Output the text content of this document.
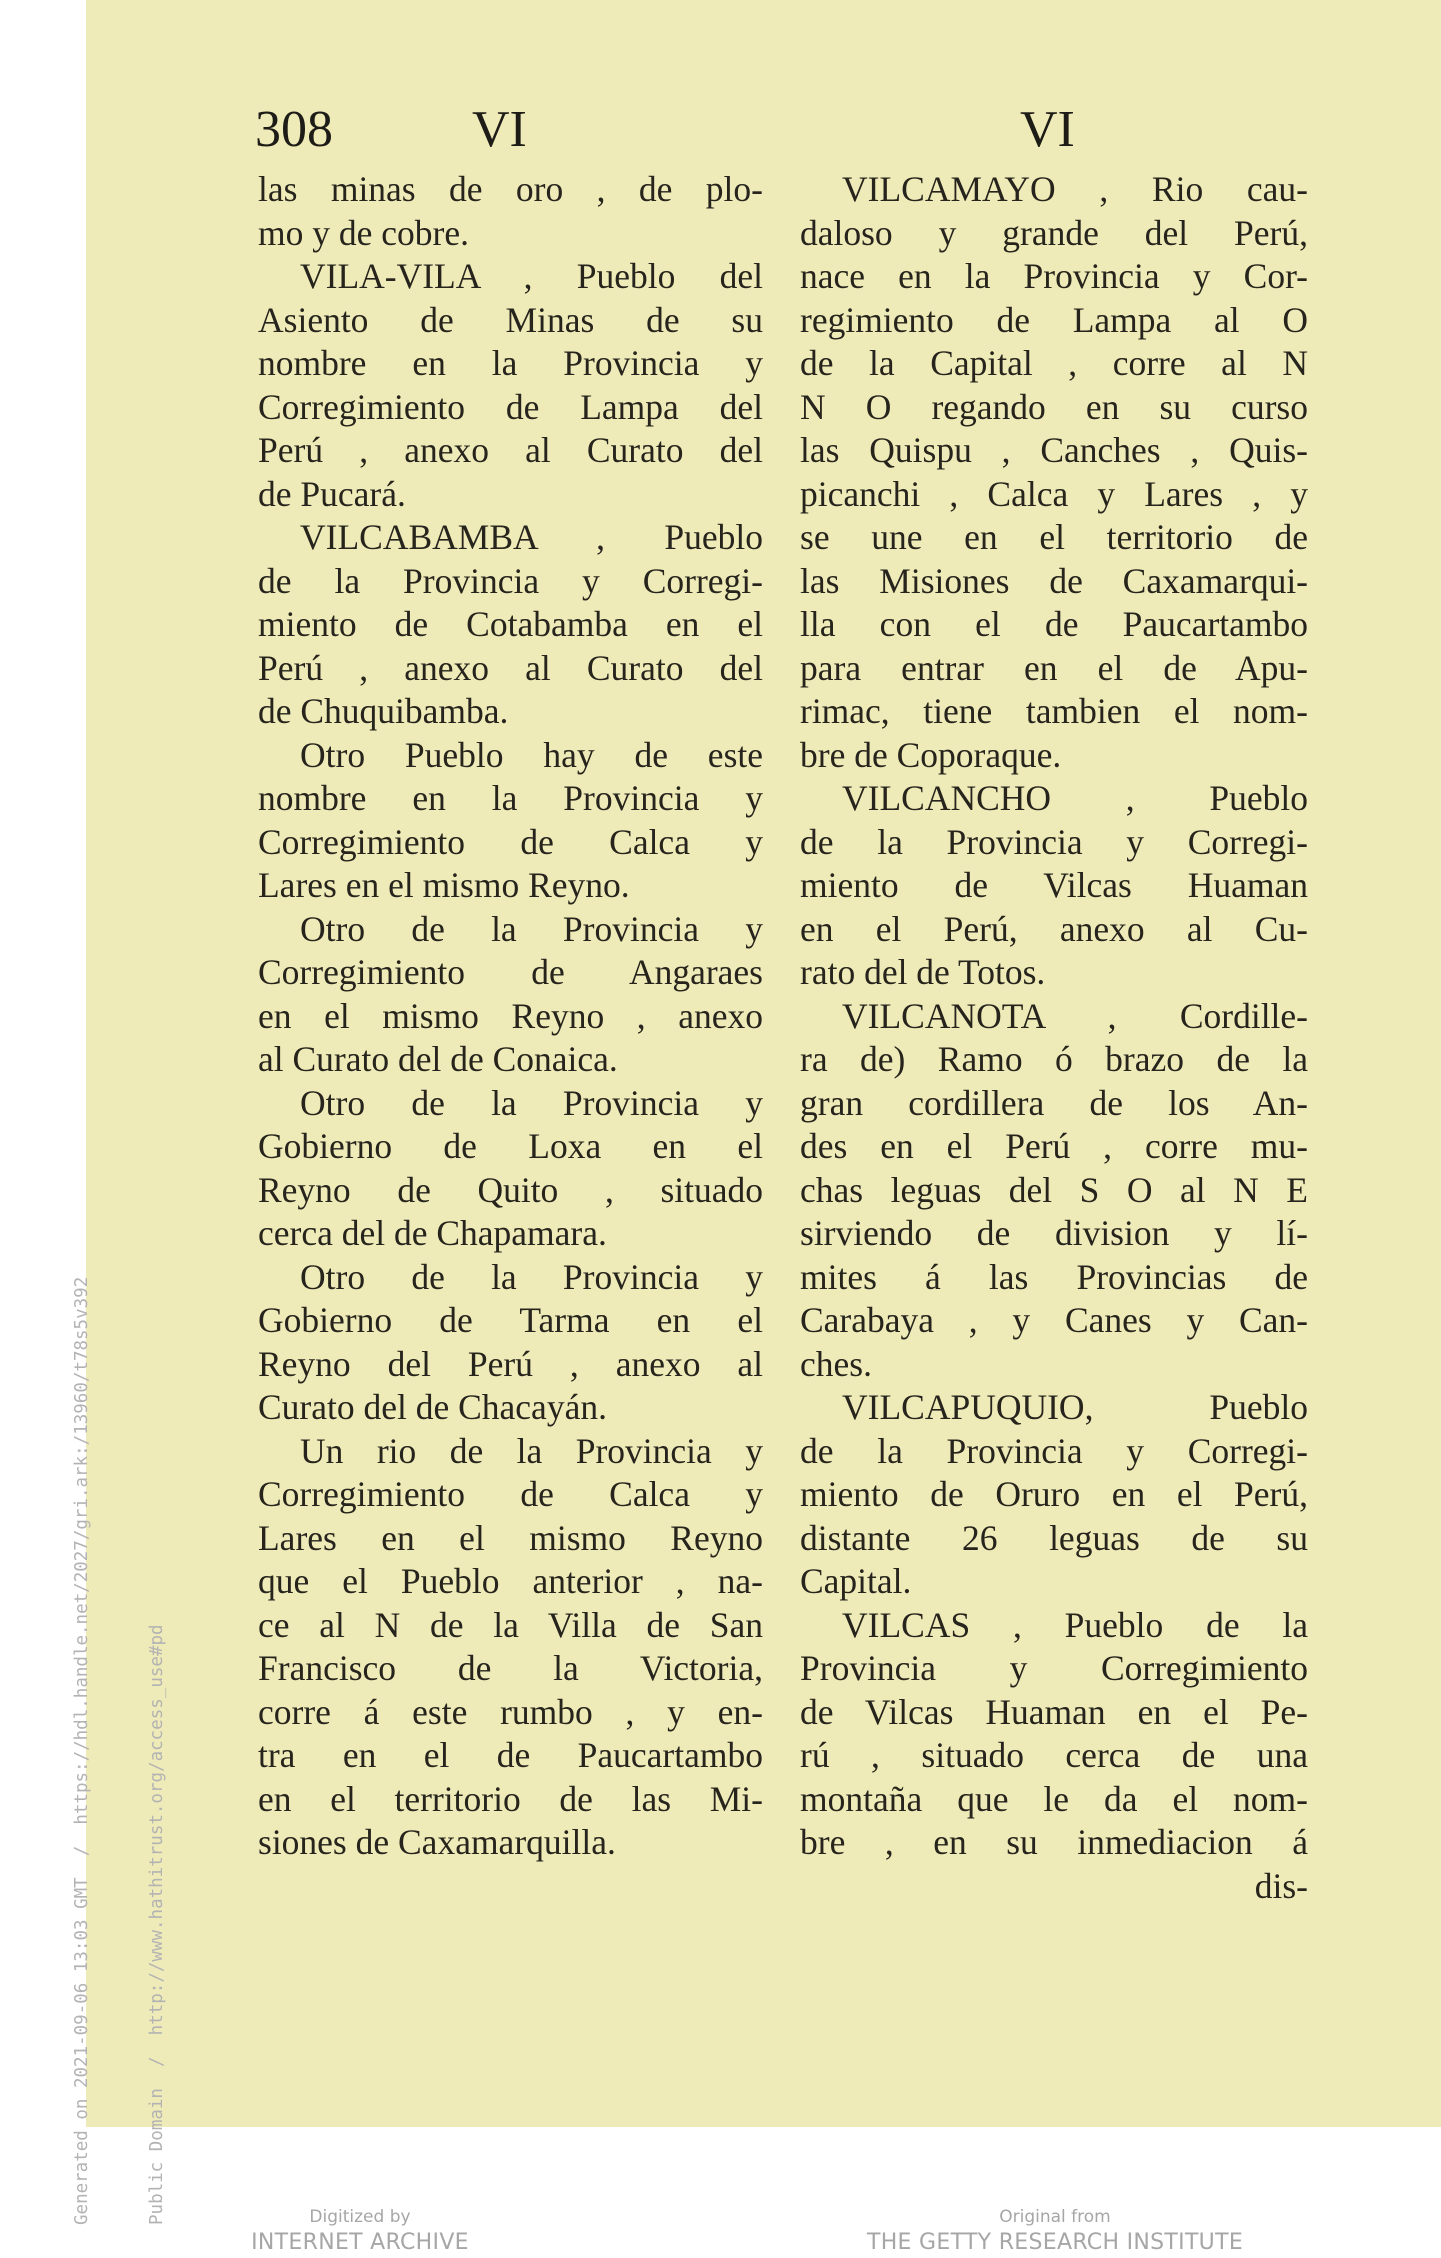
308	VI	VI
las minas de oro , de plo-
mo y de cobre.
VILA-VILA , Pueblo del
Asiento de Minas de su
nombre en la Provincia y
Corregimiento de Lampa del
Perú , anexo al Curato del
de Pucará.
VILCABAMBA , Pueblo
de la Provincia y Corregi-
miento de Cotabamba en el
Perú , anexo al Curato del
de Chuquibamba.
Otro Pueblo hay de este
nombre en la Provincia y
Corregimiento de Calca y
Lares en el mismo Reyno.
Otro de la Provincia y
Corregimiento de Angaraes
en el mismo Reyno , anexo
al Curato del de Conaica.
Otro de la Provincia y
Gobierno de Loxa en el
Reyno de Quito , situado
cerca del de Chapamara.
Otro de la Provincia y
Gobierno de Tarma en el
Reyno del Perú , anexo al
Curato del de Chacayán.
Un rio de la Provincia y
Corregimiento de Calca y
Lares en el mismo Reyno
que el Pueblo anterior , na-
ce al N de la Villa de San
Francisco de la Victoria,
corre á este rumbo , y en-
tra en el de Paucartambo
en el territorio de las Mi-
siones de Caxamarquilla.
VILCAMAYO , Rio cau-
daloso y grande del Perú,
nace en la Provincia y Cor-
regimiento de Lampa al O
de la Capital , corre al N
N O regando en su curso
las Quispu , Canches , Quis-
picanchi , Calca y Lares , y
se une en el territorio de
las Misiones de Caxamarqui-
lla con el de Paucartambo
para entrar en el de Apu-
rimac, tiene tambien el nom-
bre de Coporaque.
VILCANCHO , Pueblo
de la Provincia y Corregi-
miento de Vilcas Huaman
en el Perú, anexo al Cu-
rato del de Totos.
VILCANOTA , Cordille-
ra de) Ramo ó brazo de la
gran cordillera de los An-
des en el Perú , corre mu-
chas leguas del S O al N E
sirviendo de division y lí-
mites á las Provincias de
Carabaya , y Canes y Can-
ches.
VILCAPUQUIO, Pueblo
de la Provincia y Corregi-
miento de Oruro en el Perú,
distante 26 leguas de su
Capital.
VILCAS , Pueblo de la
Provincia y Corregimiento
de Vilcas Huaman en el Pe-
rú , situado cerca de una
montaña que le da el nom-
bre , en su inmediacion á
dis-

Generated on 2021-09-06 13:03 GMT  /  https://hdl.handle.net/2027/gri.ark:/13960/t78s5v392

	Public Domain  /  http://www.hathitrust.org/access_use#pd	Digitized by
INTERNET ARCHIVE
Original from
THE GETTY RESEARCH INSTITUTE
